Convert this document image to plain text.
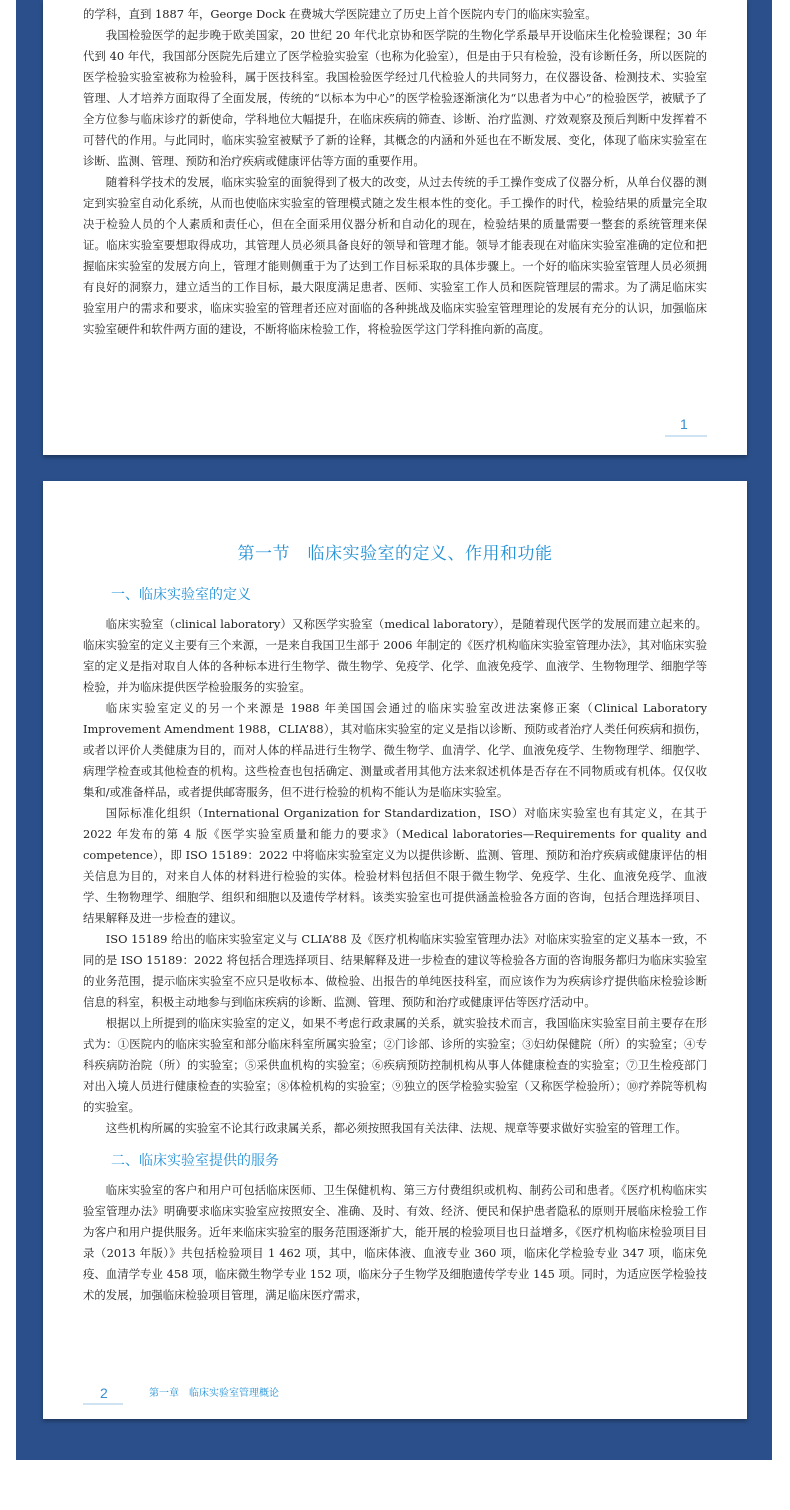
的学科，直到 1887 年，George Dock 在费城大学医院建立了历史上首个医院内专门的临床实验室。

我国检验医学的起步晚于欧美国家，20 世纪 20 年代北京协和医学院的生物化学系最早开设临床生化检验课程；30 年代到 40 年代，我国部分医院先后建立了医学检验实验室（也称为化验室），但是由于只有检验，没有诊断任务，所以医院的医学检验实验室被称为检验科，属于医技科室。我国检验医学经过几代检验人的共同努力，在仪器设备、检测技术、实验室管理、人才培养方面取得了全面发展，传统的“以标本为中心”的医学检验逐渐演化为“以患者为中心”的检验医学，被赋予了全方位参与临床诊疗的新使命，学科地位大幅提升，在临床疾病的筛查、诊断、治疗监测、疗效观察及预后判断中发挥着不可替代的作用。与此同时，临床实验室被赋予了新的诠释，其概念的内涵和外延也在不断发展、变化，体现了临床实验室在诊断、监测、管理、预防和治疗疾病或健康评估等方面的重要作用。

随着科学技术的发展，临床实验室的面貌得到了极大的改变，从过去传统的手工操作变成了仪器分析，从单台仪器的测定到实验室自动化系统，从而也使临床实验室的管理模式随之发生根本性的变化。手工操作的时代，检验结果的质量完全取决于检验人员的个人素质和责任心，但在全面采用仪器分析和自动化的现在，检验结果的质量需要一整套的系统管理来保证。临床实验室要想取得成功，其管理人员必须具备良好的领导和管理才能。领导才能表现在对临床实验室准确的定位和把握临床实验室的发展方向上，管理才能则侧重于为了达到工作目标采取的具体步骤上。一个好的临床实验室管理人员必须拥有良好的洞察力，建立适当的工作目标，最大限度满足患者、医师、实验室工作人员和医院管理层的需求。为了满足临床实验室用户的需求和要求，临床实验室的管理者还应对面临的各种挑战及临床实验室管理理论的发展有充分的认识，加强临床实验室硬件和软件两方面的建设，不断将临床检验工作，将检验医学这门学科推向新的高度。

1
第一节　临床实验室的定义、作用和功能

一、临床实验室的定义

临床实验室（clinical laboratory）又称医学实验室（medical laboratory），是随着现代医学的发展而建立起来的。临床实验室的定义主要有三个来源，一是来自我国卫生部于 2006 年制定的《医疗机构临床实验室管理办法》，其对临床实验室的定义是指对取自人体的各种标本进行生物学、微生物学、免疫学、化学、血液免疫学、血液学、生物物理学、细胞学等检验，并为临床提供医学检验服务的实验室。

临床实验室定义的另一个来源是 1988 年美国国会通过的临床实验室改进法案修正案（Clinical Laboratory Improvement Amendment 1988，CLIA’88），其对临床实验室的定义是指以诊断、预防或者治疗人类任何疾病和损伤，或者以评价人类健康为目的，而对人体的样品进行生物学、微生物学、血清学、化学、血液免疫学、生物物理学、细胞学、病理学检查或其他检查的机构。这些检查也包括确定、测量或者用其他方法来叙述机体是否存在不同物质或有机体。仅仅收集和/或准备样品，或者提供邮寄服务，但不进行检验的机构不能认为是临床实验室。

国际标准化组织（International Organization for Standardization，ISO）对临床实验室也有其定义，在其于 2022 年发布的第 4 版《医学实验室质量和能力的要求》（Medical laboratories—Requirements for quality and competence），即 ISO 15189：2022 中将临床实验室定义为以提供诊断、监测、管理、预防和治疗疾病或健康评估的相关信息为目的，对来自人体的材料进行检验的实体。检验材料包括但不限于微生物学、免疫学、生化、血液免疫学、血液学、生物物理学、细胞学、组织和细胞以及遗传学材料。该类实验室也可提供涵盖检验各方面的咨询，包括合理选择项目、结果解释及进一步检查的建议。

ISO 15189 给出的临床实验室定义与 CLIA’88 及《医疗机构临床实验室管理办法》对临床实验室的定义基本一致，不同的是 ISO 15189：2022 将包括合理选择项目、结果解释及进一步检查的建议等检验各方面的咨询服务都归为临床实验室的业务范围，提示临床实验室不应只是收标本、做检验、出报告的单纯医技科室，而应该作为为疾病诊疗提供临床检验诊断信息的科室，积极主动地参与到临床疾病的诊断、监测、管理、预防和治疗或健康评估等医疗活动中。

根据以上所提到的临床实验室的定义，如果不考虑行政隶属的关系，就实验技术而言，我国临床实验室目前主要存在形式为：①医院内的临床实验室和部分临床科室所属实验室；②门诊部、诊所的实验室；③妇幼保健院（所）的实验室；④专科疾病防治院（所）的实验室；⑤采供血机构的实验室；⑥疾病预防控制机构从事人体健康检查的实验室；⑦卫生检疫部门对出入境人员进行健康检查的实验室；⑧体检机构的实验室；⑨独立的医学检验实验室（又称医学检验所）；⑩疗养院等机构的实验室。

这些机构所属的实验室不论其行政隶属关系，都必须按照我国有关法律、法规、规章等要求做好实验室的管理工作。

二、临床实验室提供的服务

临床实验室的客户和用户可包括临床医师、卫生保健机构、第三方付费组织或机构、制药公司和患者。《医疗机构临床实验室管理办法》明确要求临床实验室应按照安全、准确、及时、有效、经济、便民和保护患者隐私的原则开展临床检验工作为客户和用户提供服务。近年来临床实验室的服务范围逐渐扩大，能开展的检验项目也日益增多，《医疗机构临床检验项目目录（2013 年版）》共包括检验项目 1 462 项，其中，临床体液、血液专业 360 项，临床化学检验专业 347 项，临床免疫、血清学专业 458 项，临床微生物学专业 152 项，临床分子生物学及细胞遗传学专业 145 项。同时，为适应医学检验技术的发展，加强临床检验项目管理，满足临床医疗需求，

2	第一章　临床实验室管理概论
